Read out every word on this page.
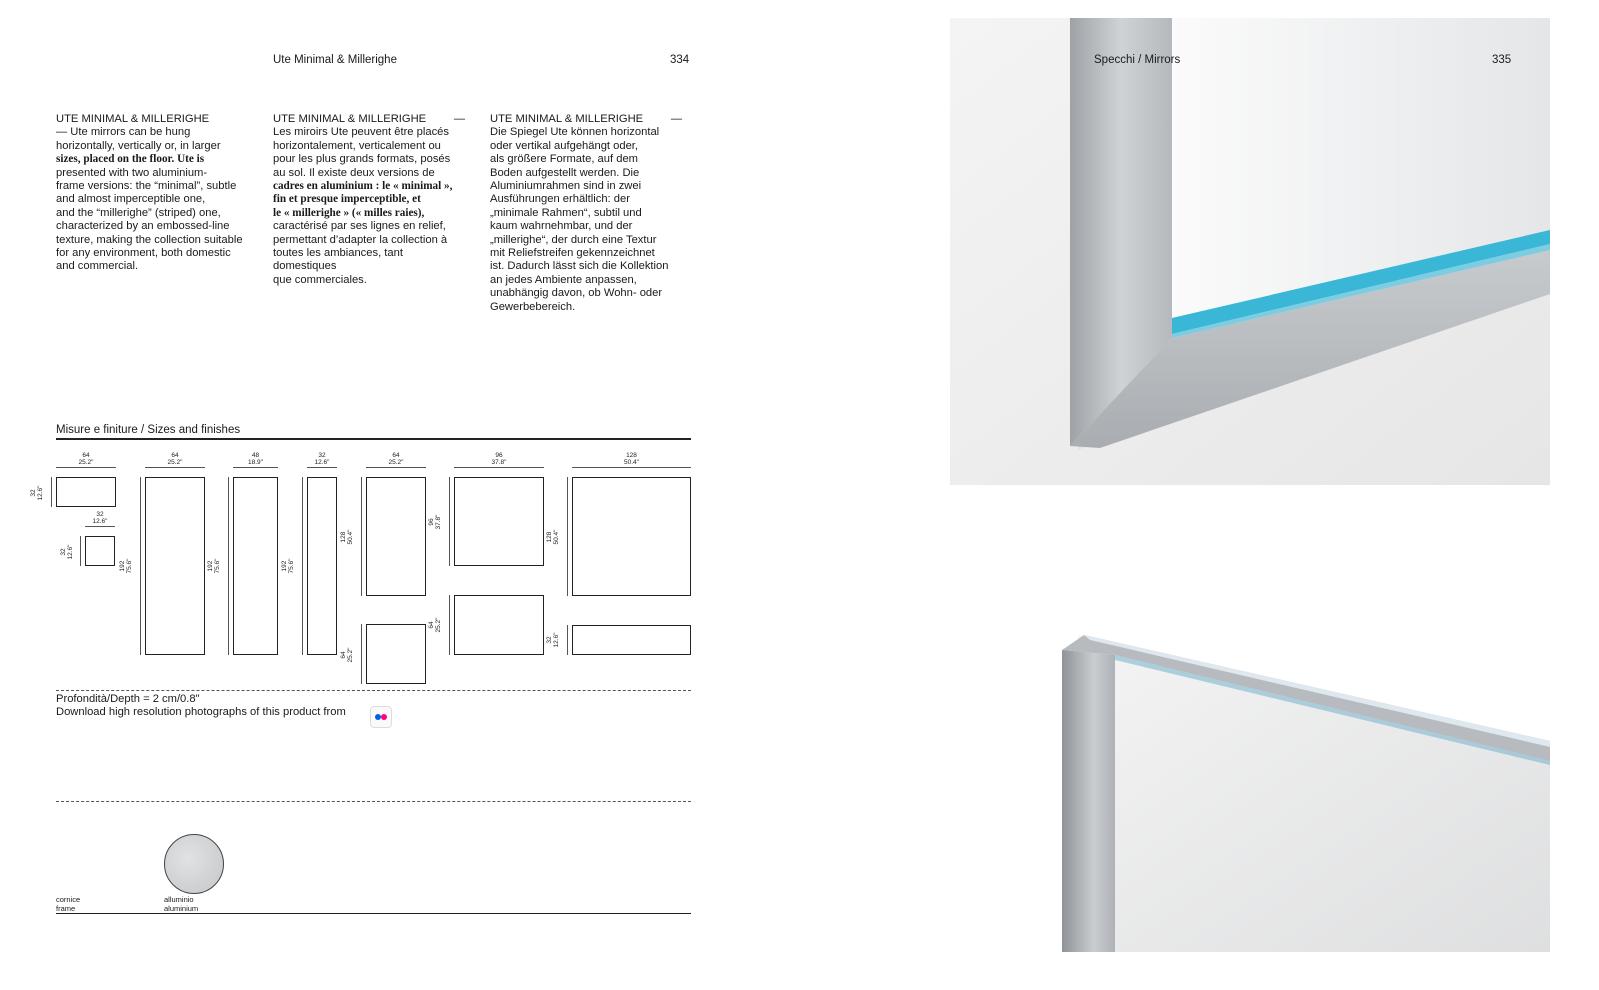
Ute Minimal & Millerighe	334
UTE MINIMAL & MILLERIGHE
— Ute mirrors can be hung
horizontally, vertically or, in larger
sizes, placed on the floor. Ute is
presented with two aluminium-
frame versions: the “minimal”, subtle
and almost imperceptible one,
and the “millerighe” (striped) one,
characterized by an embossed-line
texture, making the collection suitable
for any environment, both domestic
and commercial.
—
UTE MINIMAL & MILLERIGHE
Les miroirs Ute peuvent être placés
horizontalement, verticalement ou
pour les plus grands formats, posés
au sol. Il existe deux versions de
cadres en aluminium : le « minimal »,
fin et presque imperceptible, et
le « millerighe » (« milles raies),
caractérisé par ses lignes en relief,
permettant d’adapter la collection à
toutes les ambiances, tant domestiques
que commerciales.
—
UTE MINIMAL & MILLERIGHE
Die Spiegel Ute können horizontal
oder vertikal aufgehängt oder,
als größere Formate, auf dem
Boden aufgestellt werden. Die
Aluminiumrahmen sind in zwei
Ausführungen erhältlich: der
„minimale Rahmen“, subtil und
kaum wahrnehmbar, und der
„millerighe“, der durch eine Textur
mit Reliefstreifen gekennzeichnet
ist. Dadurch lässt sich die Kollektion
an jedes Ambiente anpassen,
unabhängig davon, ob Wohn- oder
Gewerbebereich.
Misure e finiture / Sizes and finishes
64
25.2"
64
25.2"
48
18.9"
32
12.6"
64
25.2"
96
37.8"
128
50.4"
32
12.6"
32
12.6"
32
12.6"
192
75.6"	192
75.6"	192
75.6"
128
50.4"
64
25.2"
96
37.8"
64
25.2"
128
50.4"
32
12.6"
Profondità/Depth = 2 cm/0.8"
Download high resolution photographs of this product from
cornice
frame
alluminio
aluminium
Specchi / Mirrors	335
